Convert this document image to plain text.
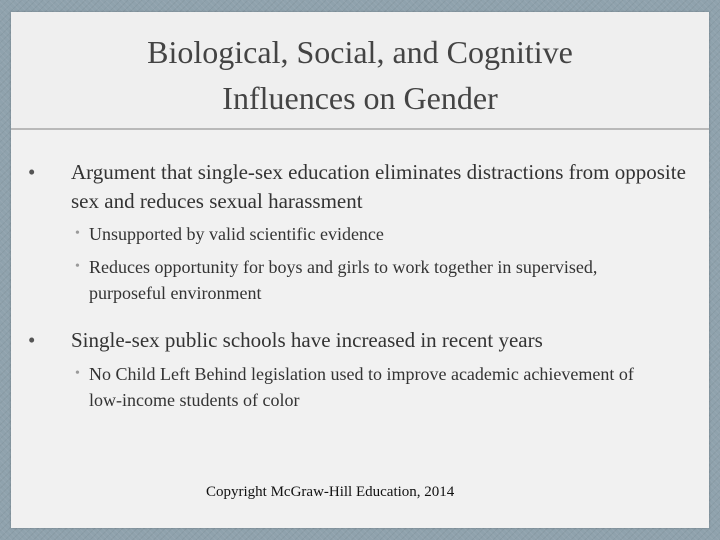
Biological, Social, and Cognitive
Influences on Gender
• Argument that single-sex education eliminates distractions from opposite sex and reduces sexual harassment
• Unsupported by valid scientific evidence
• Reduces opportunity for boys and girls to work together in supervised, purposeful environment
• Single-sex public schools have increased in recent years
• No Child Left Behind legislation used to improve academic achievement of low-income students of color
Copyright McGraw-Hill Education, 2014
